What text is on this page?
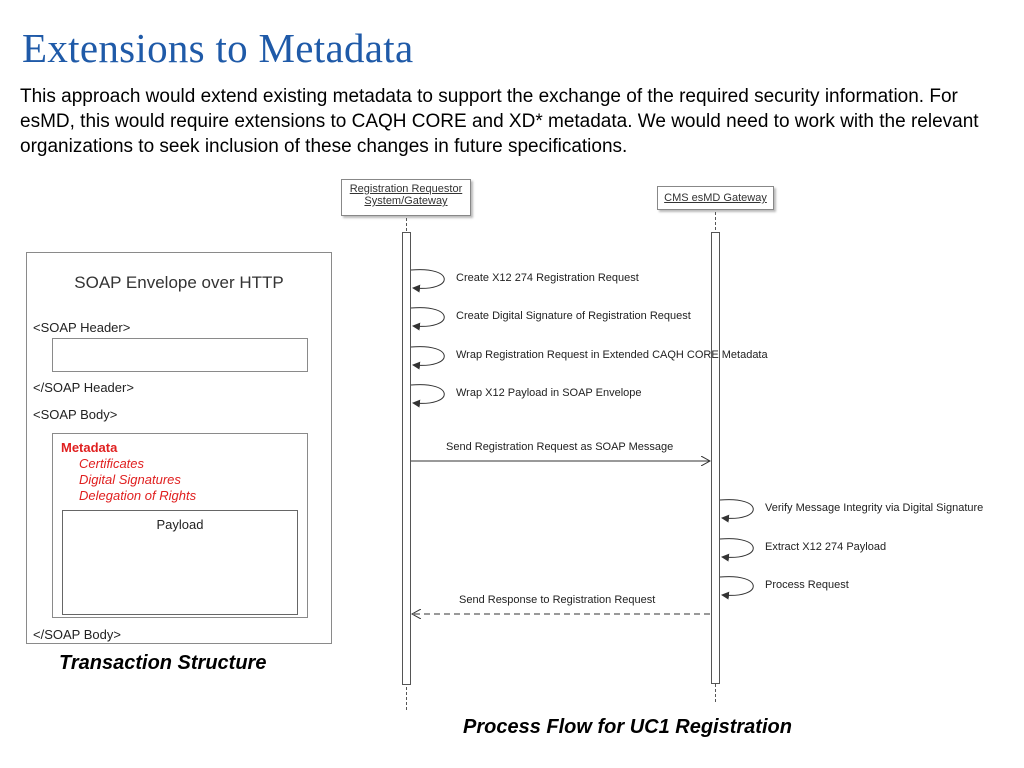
Extensions to Metadata
This approach would extend existing metadata to support the exchange of the required security information. For esMD, this would require extensions to CAQH CORE and XD* metadata. We would need to work with the relevant organizations to seek inclusion of these changes in future specifications.
SOAP Envelope over HTTP
<SOAP Header>
</SOAP Header>
<SOAP Body>
Metadata
Certificates
Digital Signatures
Delegation of Rights
Payload
</SOAP Body>
Transaction Structure
Registration Requestor
System/Gateway	CMS esMD Gateway
Create X12 274 Registration Request
Create Digital Signature of Registration Request
Wrap Registration Request in Extended CAQH CORE Metadata
Wrap X12 Payload in SOAP Envelope
Send Registration Request as SOAP Message
Verify Message Integrity via Digital Signature
Extract X12 274 Payload
Process Request
Send Response to Registration Request
Process Flow for UC1 Registration
